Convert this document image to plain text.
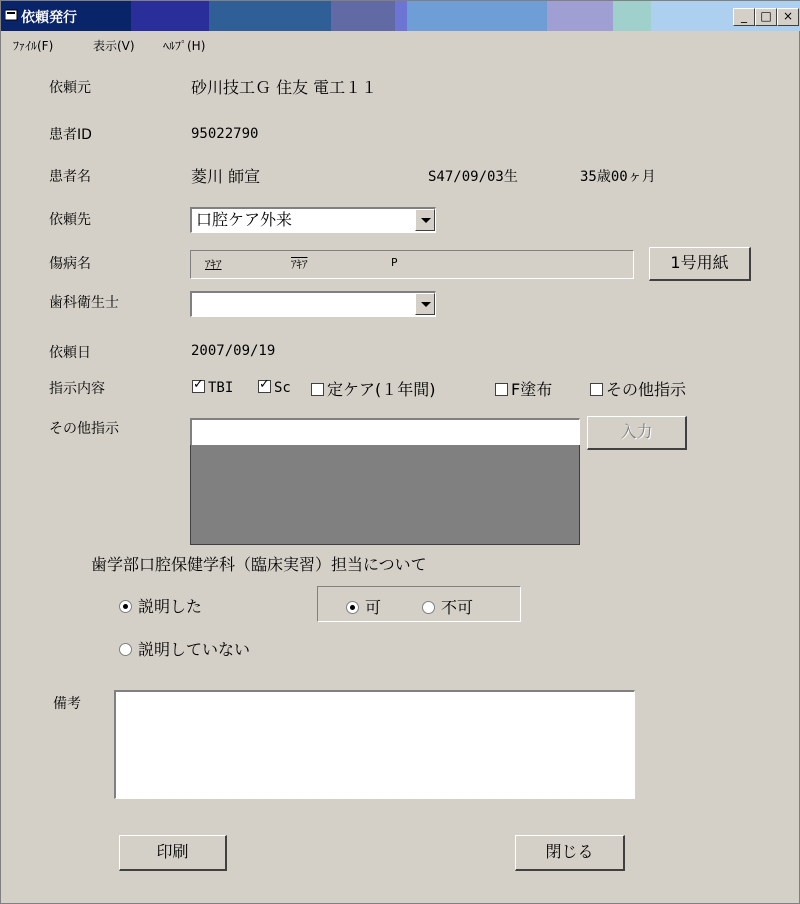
依頼発行	_	□ ×
ﾌｧｲﾙ(F)	表示(V) ﾍﾙﾌﾟ(H)
依頼元	砂川技工Ｇ 住友 電工１１
患者ID	95022790
患者名	菱川 師宣	S47/09/03生	35歳00ヶ月
依頼先	口腔ケア外来
傷病名	ｱｷｱ	ｱｷｱ	P	1号用紙
歯科衛生士
依頼日	2007/09/19
指示内容 ✓	TBI ✓	Sc	定ケア(１年間)	F塗布	その他指示
その他指示	入力
歯学部口腔保健学科（臨床実習）担当について
説明した	可	不可
説明していない
備考
印刷	閉じる
